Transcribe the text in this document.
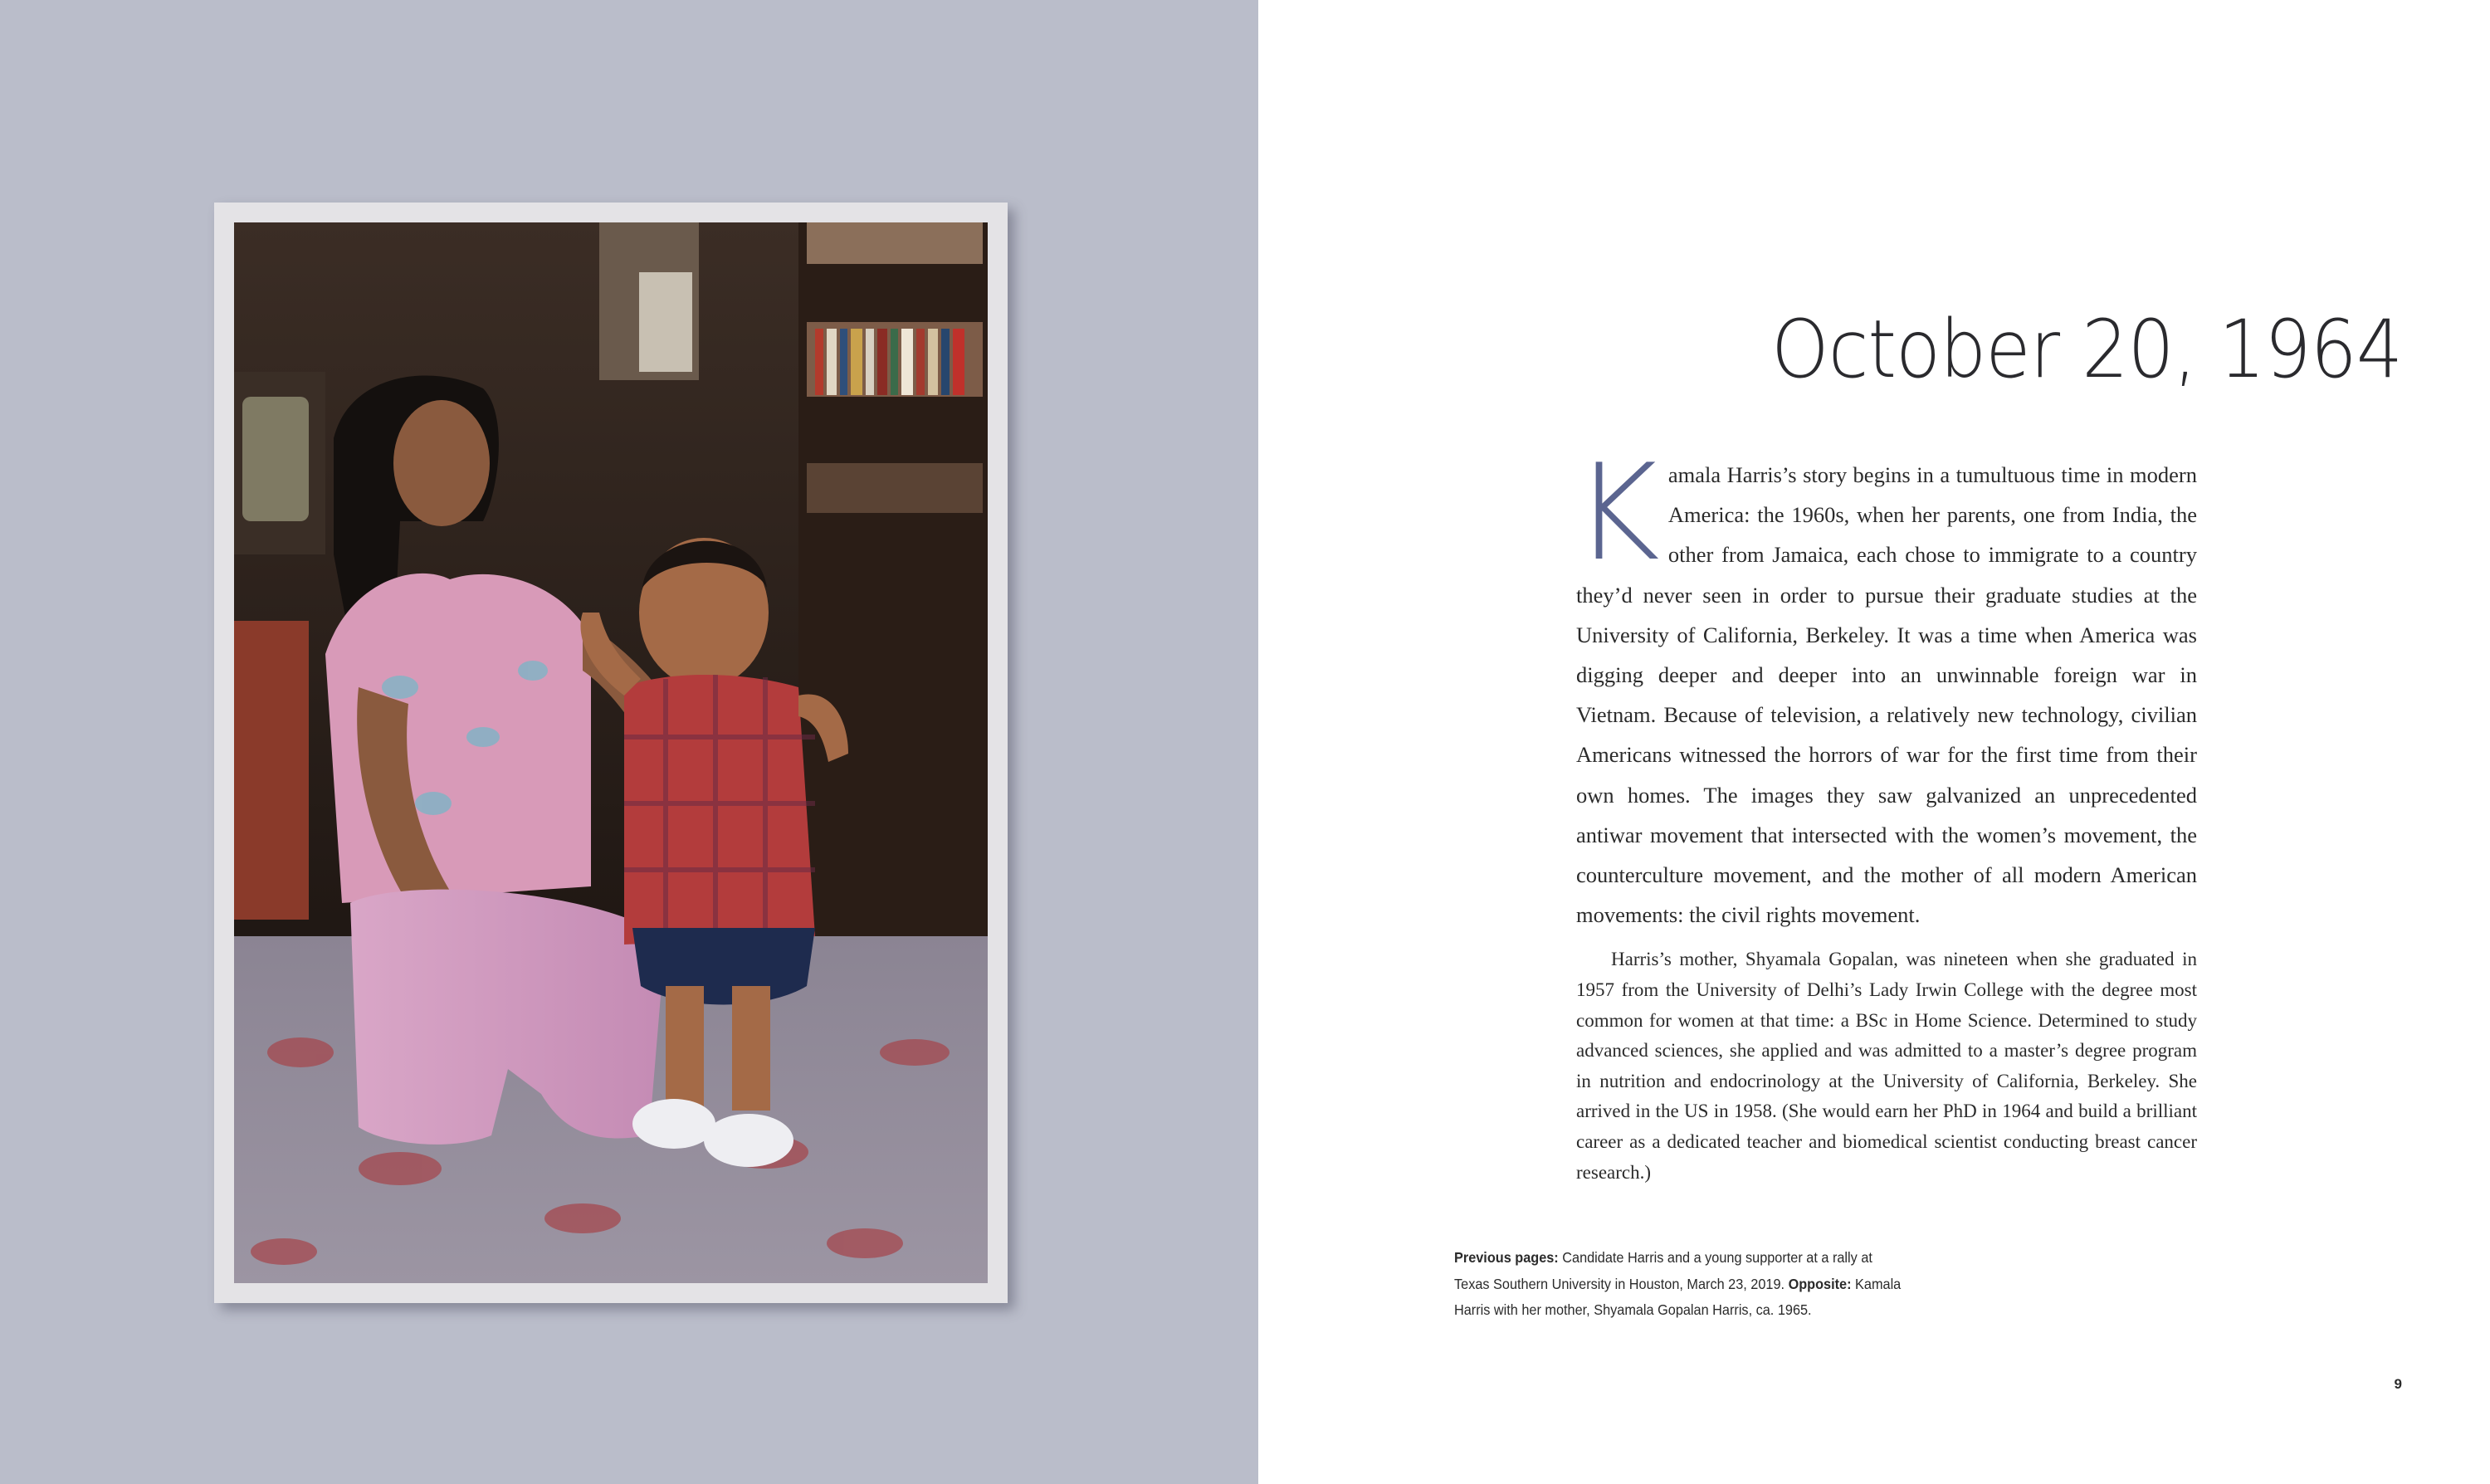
October 20, 1964

Kamala Harris’s story begins in a tumultuous time in modern America: the 1960s, when her parents, one from India, the other from Jamaica, each chose to immigrate to a country they’d never seen in order to pursue their graduate studies at the University of California, Berkeley. It was a time when America was digging deeper and deeper into an unwinnable foreign war in Vietnam. Because of television, a relatively new technology, civilian Americans witnessed the horrors of war for the first time from their own homes. The images they saw galvanized an unprecedented antiwar movement that intersected with the women’s movement, the counterculture movement, and the mother of all modern American movements: the civil rights movement.

Harris’s mother, Shyamala Gopalan, was nineteen when she graduated in 1957 from the University of Delhi’s Lady Irwin College with the degree most common for women at that time: a BSc in Home Science. Determined to study advanced sciences, she applied and was admitted to a master’s degree program in nutrition and endocrinology at the University of California, Berkeley. She arrived in the US in 1958. (She would earn her PhD in 1964 and build a brilliant career as a dedicated teacher and biomedical scientist conducting breast cancer research.)

Previous pages: Candidate Harris and a young supporter at a rally at Texas Southern University in Houston, March 23, 2019. Opposite: Kamala Harris with her mother, Shyamala Gopalan Harris, ca. 1965.
9
